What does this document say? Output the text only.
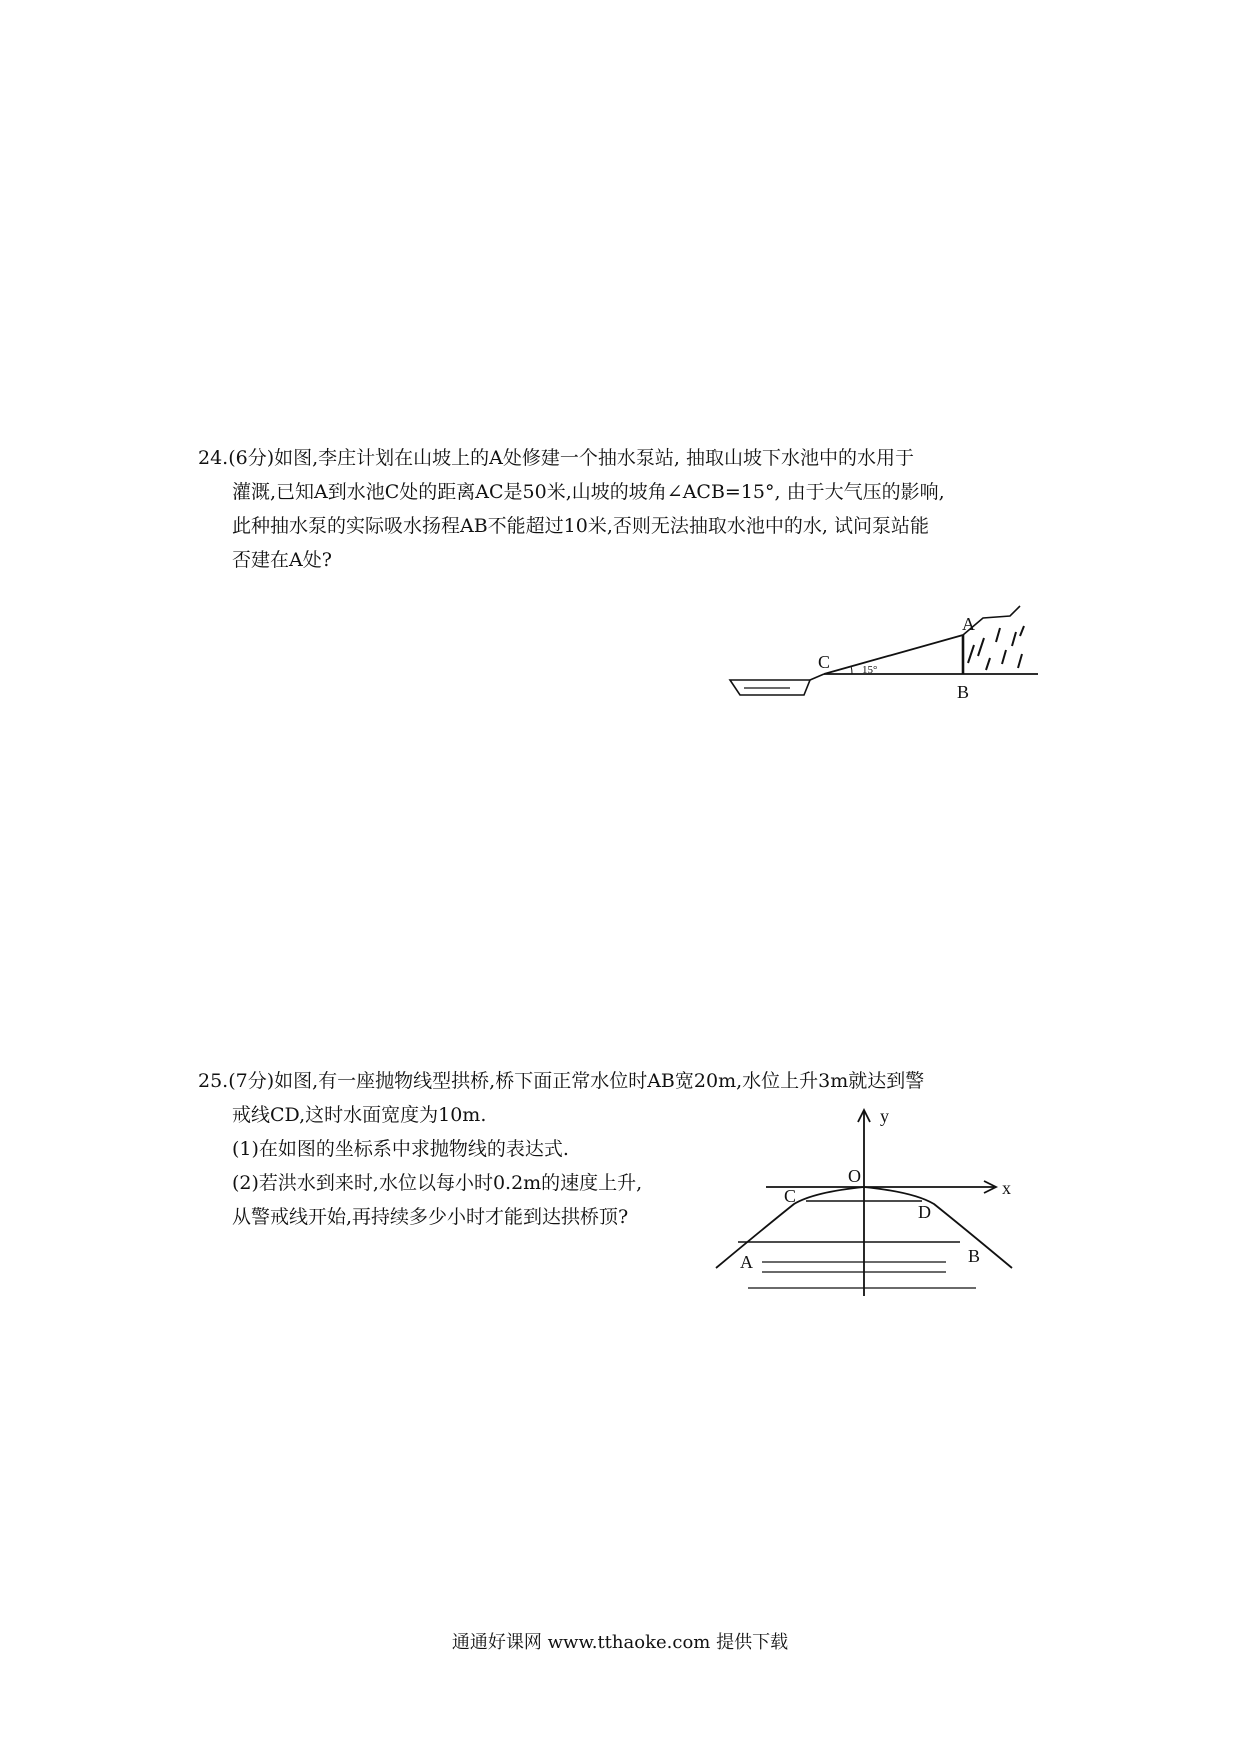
24.(6分)如图,李庄计划在山坡上的A处修建一个抽水泵站, 抽取山坡下水池中的水用于

灌溉,已知A到水池C处的距离AC是50米,山坡的坡角∠ACB=15°, 由于大气压的影响,

此种抽水泵的实际吸水扬程AB不能超过10米,否则无法抽取水池中的水, 试问泵站能

否建在A处?

A
B
C	15°

25.(7分)如图,有一座抛物线型拱桥,桥下面正常水位时AB宽20m,水位上升3m就达到警

戒线CD,这时水面宽度为10m.

(1)在如图的坐标系中求抛物线的表达式.

(2)若洪水到来时,水位以每小时0.2m的速度上升,

从警戒线开始,再持续多少小时才能到达拱桥顶?

y
x
O
A	B
C
D
通通好课网 www.tthaoke.com 提供下载
